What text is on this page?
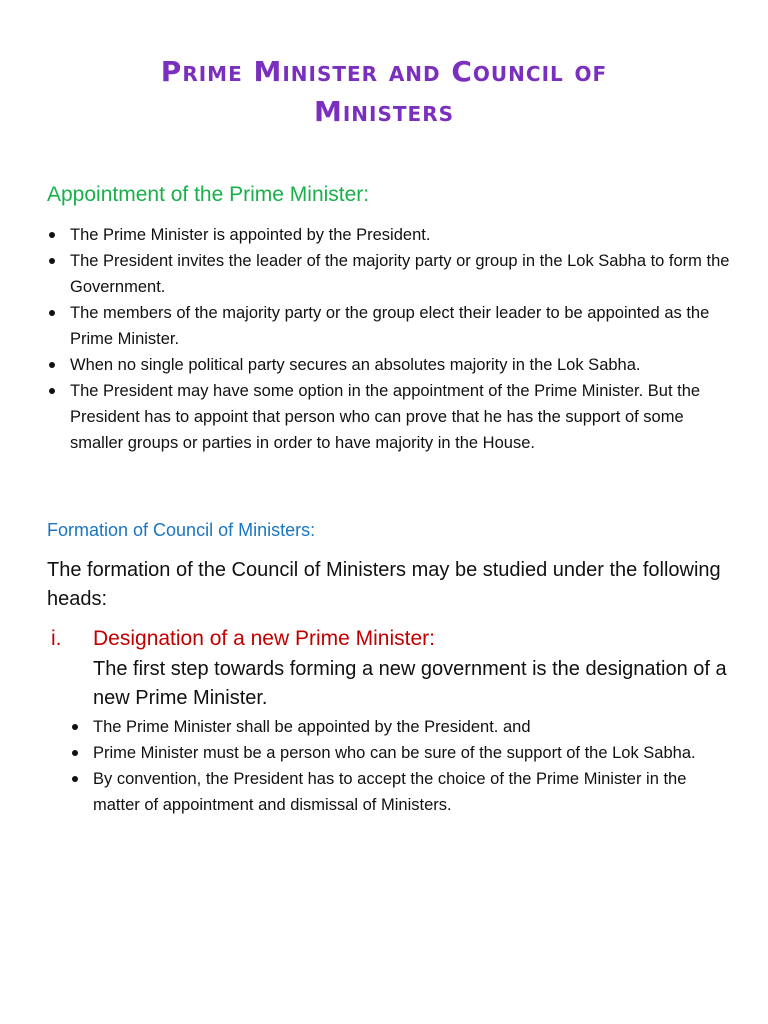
Prime Minister and Council of
Ministers
Appointment of the Prime Minister:
The Prime Minister is appointed by the President.
The President invites the leader of the majority party or group in the Lok Sabha to form the Government.
The members of the majority party or the group elect their leader to be appointed as the Prime Minister.
When no single political party secures an absolutes majority in the Lok Sabha.
The President may have some option in the appointment of the Prime Minister. But the President has to appoint that person who can prove that he has the support of some smaller groups or parties in order to have majority in the House.
Formation of Council of Ministers:

The formation of the Council of Ministers may be studied under the following heads:

i. Designation of a new Prime Minister:

The first step towards forming a new government is the designation of a new Prime Minister.

The Prime Minister shall be appointed by the President. and
Prime Minister must be a person who can be sure of the support of the Lok Sabha.
By convention, the President has to accept the choice of the Prime Minister in the matter of appointment and dismissal of Ministers.
